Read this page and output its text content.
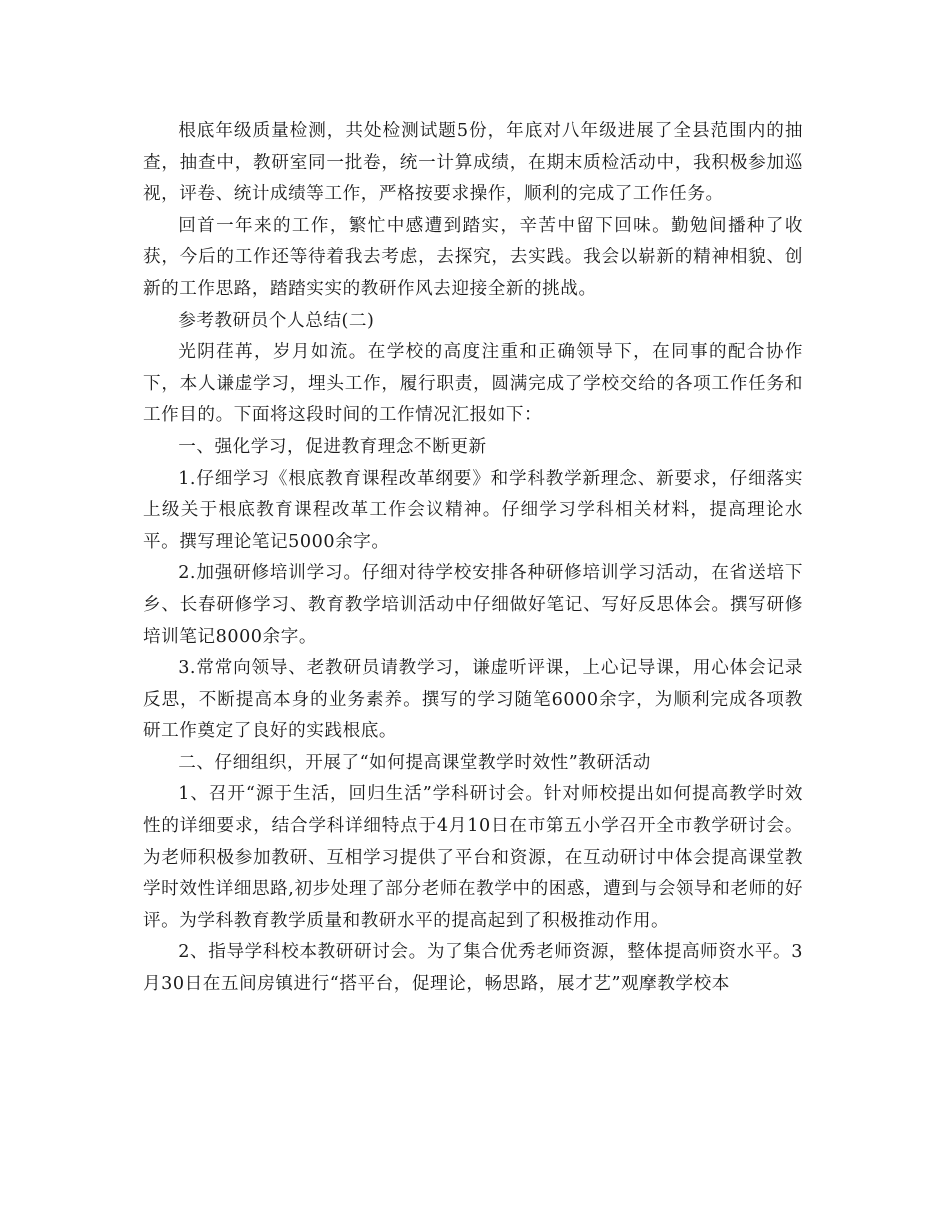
根底年级质量检测，共处检测试题5份，年底对八年级进展了全县范围内的抽查，抽查中，教研室同一批卷，统一计算成绩，在期末质检活动中，我积极参加巡视，评卷、统计成绩等工作，严格按要求操作，顺利的完成了工作任务。

回首一年来的工作，繁忙中感遭到踏实，辛苦中留下回味。勤勉间播种了收获，今后的工作还等待着我去考虑，去探究，去实践。我会以崭新的精神相貌、创新的工作思路，踏踏实实的教研作风去迎接全新的挑战。

参考教研员个人总结(二)

光阴荏苒，岁月如流。在学校的高度注重和正确领导下，在同事的配合协作下，本人谦虚学习，埋头工作，履行职责，圆满完成了学校交给的各项工作任务和工作目的。下面将这段时间的工作情况汇报如下：

一、强化学习，促进教育理念不断更新

1.仔细学习《根底教育课程改革纲要》和学科教学新理念、新要求，仔细落实上级关于根底教育课程改革工作会议精神。仔细学习学科相关材料，提高理论水平。撰写理论笔记5000余字。

2.加强研修培训学习。仔细对待学校安排各种研修培训学习活动，在省送培下乡、长春研修学习、教育教学培训活动中仔细做好笔记、写好反思体会。撰写研修培训笔记8000余字。

3.常常向领导、老教研员请教学习，谦虚听评课，上心记导课，用心体会记录反思，不断提高本身的业务素养。撰写的学习随笔6000余字，为顺利完成各项教研工作奠定了良好的实践根底。

二、仔细组织，开展了“如何提高课堂教学时效性”教研活动

1、召开“源于生活，回归生活”学科研讨会。针对师校提出如何提高教学时效性的详细要求，结合学科详细特点于4月10日在市第五小学召开全市教学研讨会。为老师积极参加教研、互相学习提供了平台和资源，在互动研讨中体会提高课堂教学时效性详细思路,初步处理了部分老师在教学中的困惑，遭到与会领导和老师的好评。为学科教育教学质量和教研水平的提高起到了积极推动作用。

2、指导学科校本教研研讨会。为了集合优秀老师资源，整体提高师资水平。3月30日在五间房镇进行“搭平台，促理论，畅思路，展才艺”观摩教学校本
